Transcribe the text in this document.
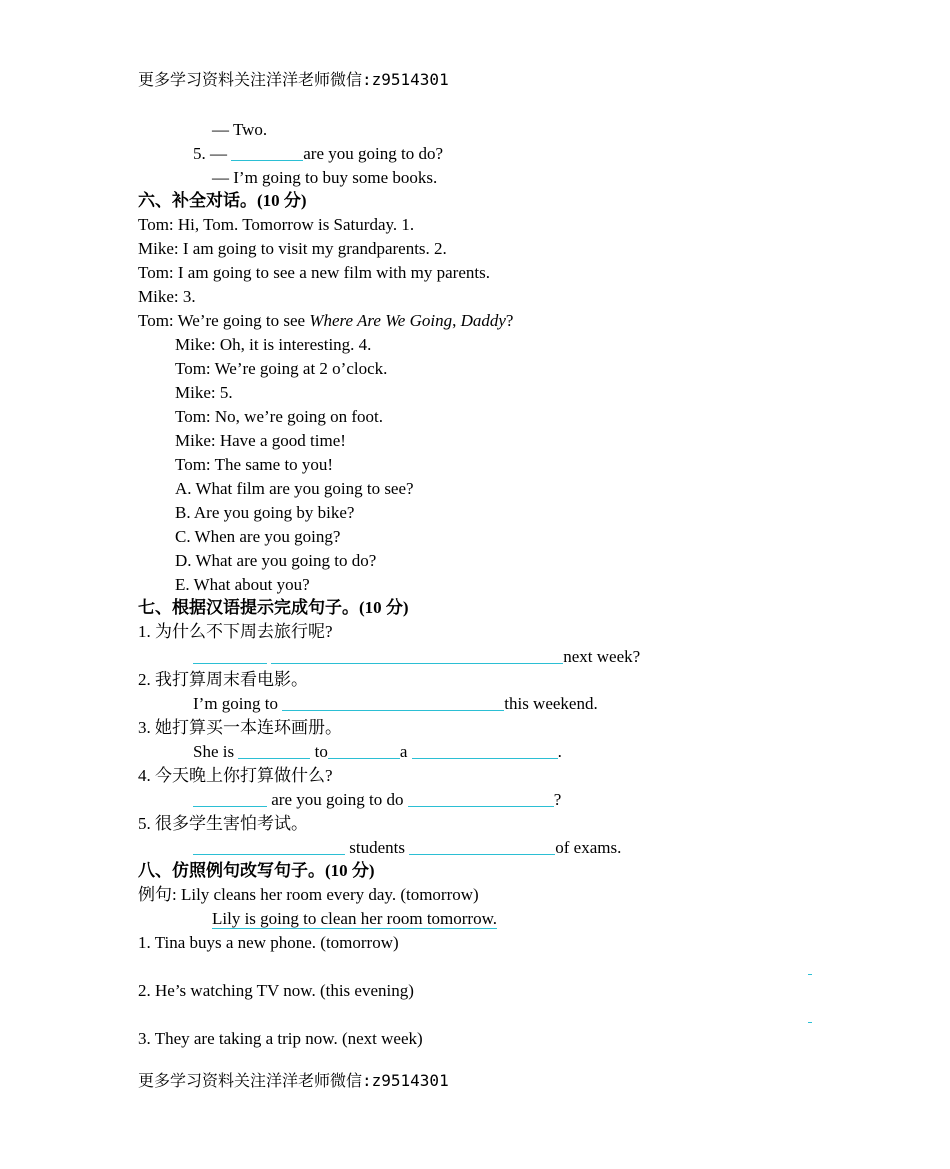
更多学习资料关注洋洋老师微信:z9514301
— Two.
5. —	are you going to do?
— I’m going to buy some books.
六、补全对话。(10 分)
Tom: Hi, Tom. Tomorrow is Saturday. 1.
Mike: I am going to visit my grandparents. 2.
Tom: I am going to see a new film with my parents.
Mike: 3.
Tom: We’re going to see Where Are We Going, Daddy?
Mike: Oh, it is interesting. 4.
Tom: We’re going at 2 o’clock.
Mike: 5.
Tom: No, we’re going on foot.
Mike: Have a good time!
Tom: The same to you!
A. What film are you going to see?
B. Are you going by bike?
C. When are you going?
D. What are you going to do?
E. What about you?
七、根据汉语提示完成句子。(10 分)
1. 为什么不下周去旅行呢?
next week?
2. 我打算周末看电影。
I’m going to	this weekend.
3. 她打算买一本连环画册。
She is	to	a	.
4. 今天晚上你打算做什么?
are you going to do	?
5. 很多学生害怕考试。
students	of exams.
八、仿照例句改写句子。(10 分)
例句: Lily cleans her room every day. (tomorrow)
Lily is going to clean her room tomorrow.
1. Tina buys a new phone. (tomorrow)
2. He’s watching TV now. (this evening)
3. They are taking a trip now. (next week)
更多学习资料关注洋洋老师微信:z9514301
